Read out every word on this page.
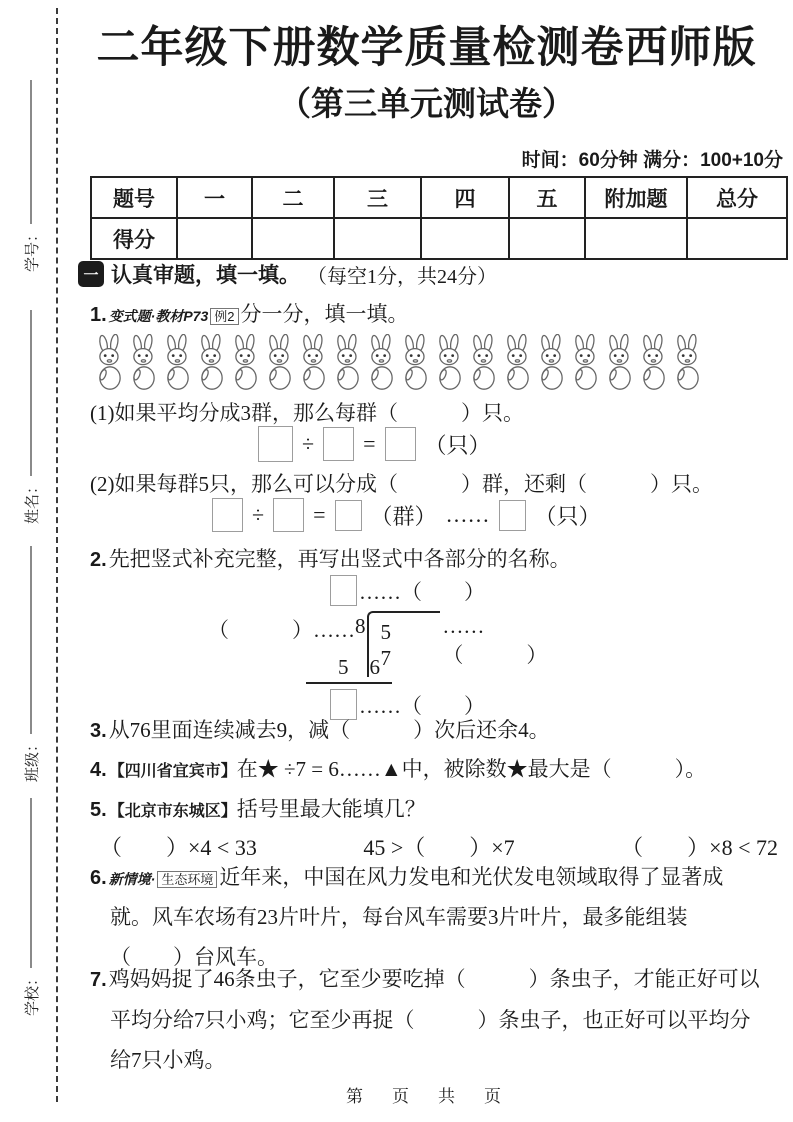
学号：
姓名：
班级：
学校：
二年级下册数学质量检测卷西师版
（第三单元测试卷）
时间：60分钟 满分：100+10分
题号	一	二	三	四	五	附加题	总分
得分							
一 认真审题，填一填。 （每空1分，共24分）
1. 变式题·教材P73 例2 分一分，填一填。
(1)如果平均分成3群，那么每群（　　　）只。
÷ = （只）
(2)如果每群5只，那么可以分成（　　　）群，还剩（　　　）只。
÷ = （群） …… （只）
2.先把竖式补充完整，再写出竖式中各部分的名称。
……（　　）
（　　　）…… 8 5　7
……（　　　）
5　6
……（　　）
3.从76里面连续减去9，减（　　　）次后还余4。
4. 【四川省宜宾市】在★ ÷7 = 6……▲中，被除数★最大是（　　　）。
5. 【北京市东城区】括号里最大能填几？
（　　）×4 < 33	45 >（　　）×7	（　　）×8 < 72
6. 新情境· 生态环境 近年来，中国在风力发电和光伏发电领域取得了显著成
就。风车农场有23片叶片，每台风车需要3片叶片，最多能组装
（　　）台风车。
7.鸡妈妈捉了46条虫子，它至少要吃掉（　　　）条虫子，才能正好可以
平均分给7只小鸡；它至少再捉（　　　）条虫子，也正好可以平均分
给7只小鸡。
第　页　共　页
